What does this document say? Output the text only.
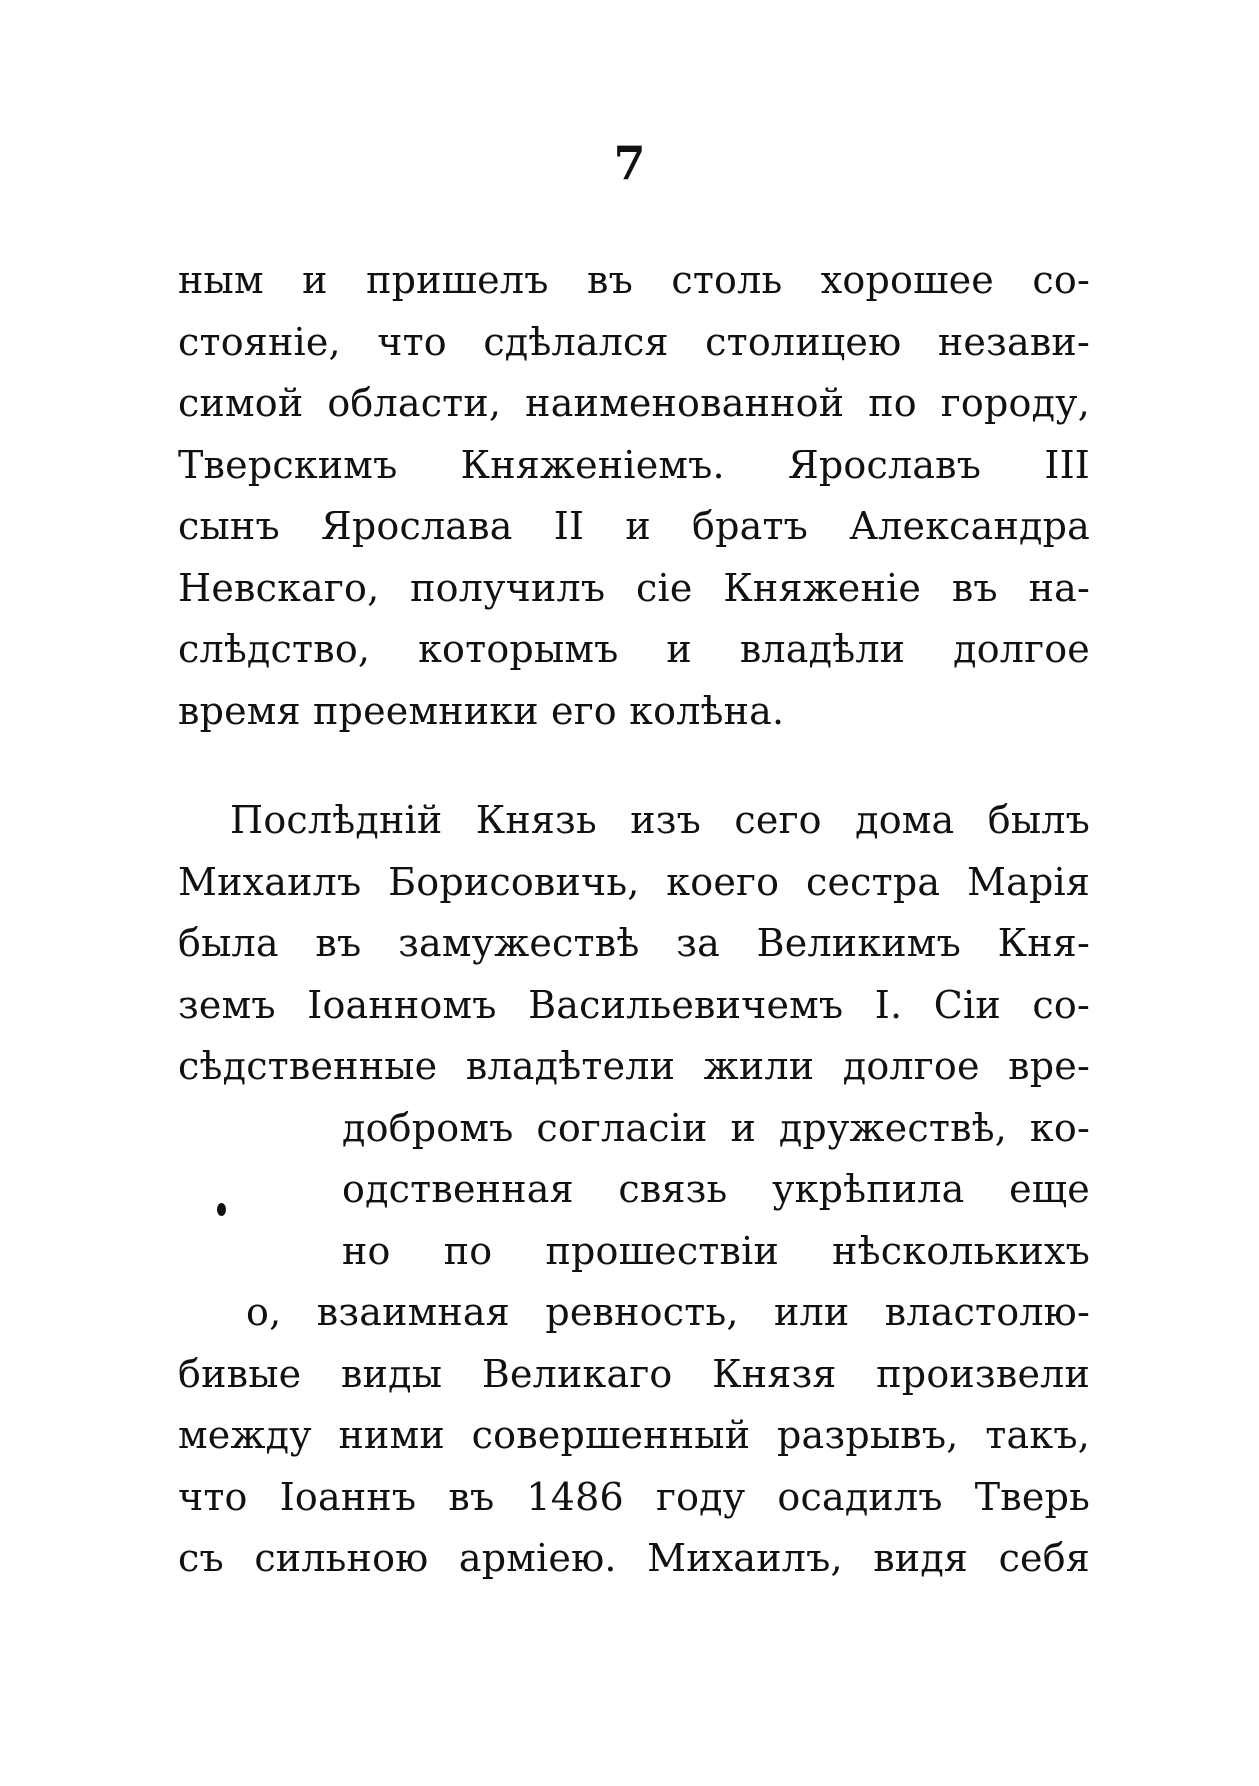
7
ным и пришелъ въ столь хорошее со-
стояніе, что сдѣлался столицею незави-
симой области, наименованной по городу,
Тверскимъ Княженіемъ. Ярославъ III
сынъ Ярослава II и братъ Александра
Невскаго, получилъ сіе Княженіе въ на-
слѣдство, которымъ и владѣли долгое
время преемники его колѣна.
Послѣдній Князь изъ сего дома былъ
Михаилъ Борисовичь, коего сестра Марія
была въ замужествѣ за Великимъ Кня-
земъ Іоанномъ Васильевичемъ I. Сіи со-
сѣдственные владѣтели жили долгое вре-
добромъ согласіи и дружествѣ, ко-
одственная связь укрѣпила еще
но по прошествіи нѣсколькихъ
о, взаимная ревность, или властолю-
бивые виды Великаго Князя произвели
между ними совершенный разрывъ, такъ,
что Іоаннъ въ 1486 году осадилъ Тверь
съ сильною арміею. Михаилъ, видя себя
